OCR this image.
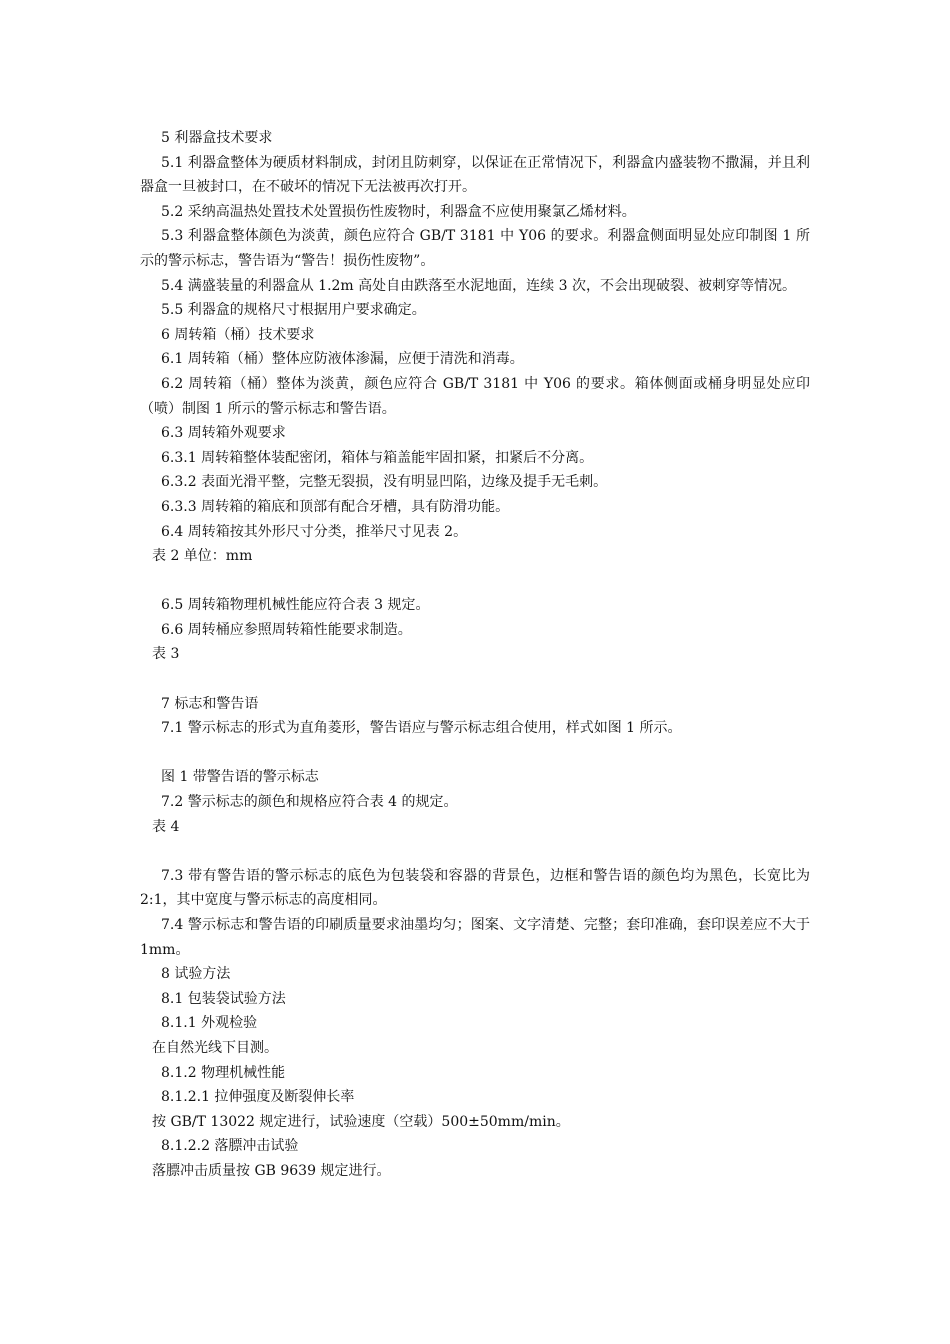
5 利器盒技术要求
5.1 利器盒整体为硬质材料制成，封闭且防刺穿，以保证在正常情况下，利器盒内盛装物不撒漏，并且利器盒一旦被封口，在不破坏的情况下无法被再次打开。
5.2 采纳高温热处置技术处置损伤性废物时，利器盒不应使用聚氯乙烯材料。
5.3 利器盒整体颜色为淡黄，颜色应符合 GB/T 3181 中 Y06 的要求。利器盒侧面明显处应印制图 1 所示的警示标志，警告语为“警告！损伤性废物”。
5.4 满盛装量的利器盒从 1.2m 高处自由跌落至水泥地面，连续 3 次，不会出现破裂、被刺穿等情况。
5.5 利器盒的规格尺寸根据用户要求确定。
6 周转箱（桶）技术要求
6.1 周转箱（桶）整体应防液体渗漏，应便于清洗和消毒。
6.2 周转箱（桶）整体为淡黄，颜色应符合 GB/T 3181 中 Y06 的要求。箱体侧面或桶身明显处应印（喷）制图 1 所示的警示标志和警告语。
6.3 周转箱外观要求
6.3.1 周转箱整体装配密闭，箱体与箱盖能牢固扣紧，扣紧后不分离。
6.3.2 表面光滑平整，完整无裂损，没有明显凹陷，边缘及提手无毛刺。
6.3.3 周转箱的箱底和顶部有配合牙槽，具有防滑功能。
6.4 周转箱按其外形尺寸分类，推举尺寸见表 2。
表 2 单位：mm
6.5 周转箱物理机械性能应符合表 3 规定。
6.6 周转桶应参照周转箱性能要求制造。
表 3
7 标志和警告语
7.1 警示标志的形式为直角菱形，警告语应与警示标志组合使用，样式如图 1 所示。
图 1 带警告语的警示标志
7.2 警示标志的颜色和规格应符合表 4 的规定。
表 4
7.3 带有警告语的警示标志的底色为包装袋和容器的背景色，边框和警告语的颜色均为黑色，长宽比为 2:1，其中宽度与警示标志的高度相同。
7.4 警示标志和警告语的印刷质量要求油墨均匀；图案、文字清楚、完整；套印准确，套印误差应不大于 1mm。
8 试验方法
8.1 包装袋试验方法
8.1.1 外观检验
在自然光线下目测。
8.1.2 物理机械性能
8.1.2.1 拉伸强度及断裂伸长率
按 GB/T 13022 规定进行，试验速度（空载）500±50mm/min。
8.1.2.2 落膘冲击试验
落膘冲击质量按 GB 9639 规定进行。
